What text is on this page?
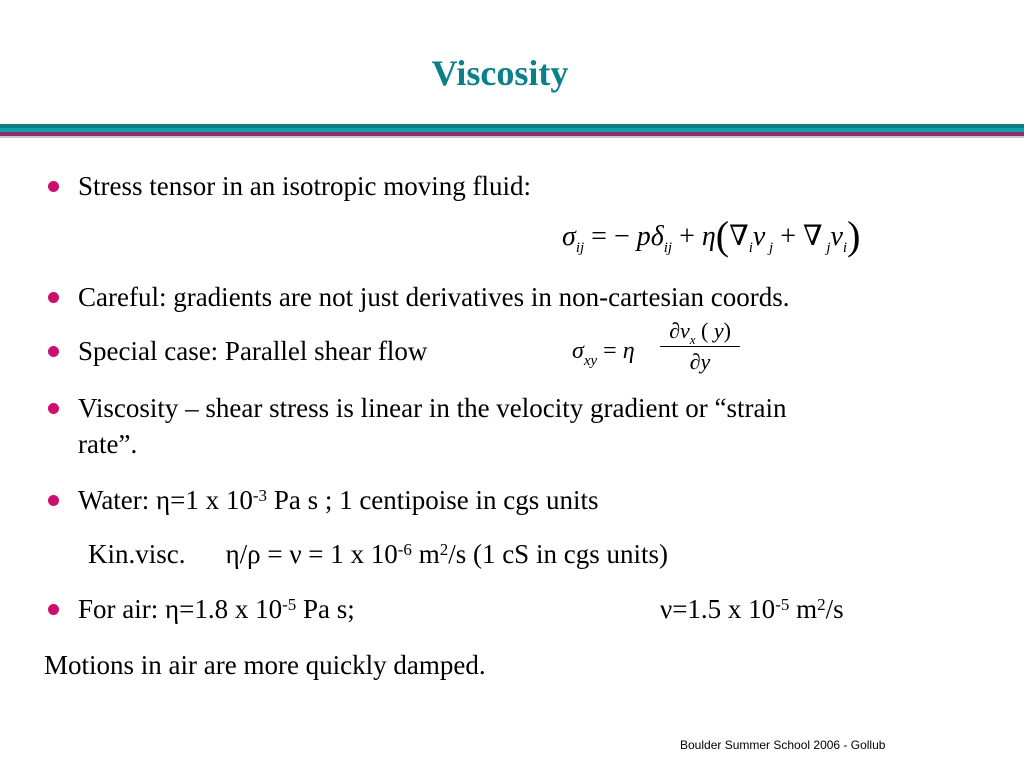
Viscosity
Stress tensor in an isotropic moving fluid:
$\sigma_{ij}$ = − $p\delta_{ij} + \eta(\nabla_iv$ $_j$ + ∇ $_jv_i$)
Careful: gradients are not just derivatives in non-cartesian coords.
Special case: Parallel shear flow	$\sigma_{xy} = \eta$
$\partial v_x$ ( y)
∂y
Viscosity – shear stress is linear in the velocity gradient or “strain
rate”.
Water: η=1 x $10^{-3}$ Pa s ; 1 centipoise in cgs units
Kin.visc. η/ρ = ν = 1 x $10^{-6}$ $m^2/s$ (1 cS in cgs units)
For air: η=1.8 x $10^{-5}$ Pa s;	ν=1.5 x $10^{-5}$ $m^2/s$
Motions in air are more quickly damped.
Boulder Summer School 2006 - Gollub
